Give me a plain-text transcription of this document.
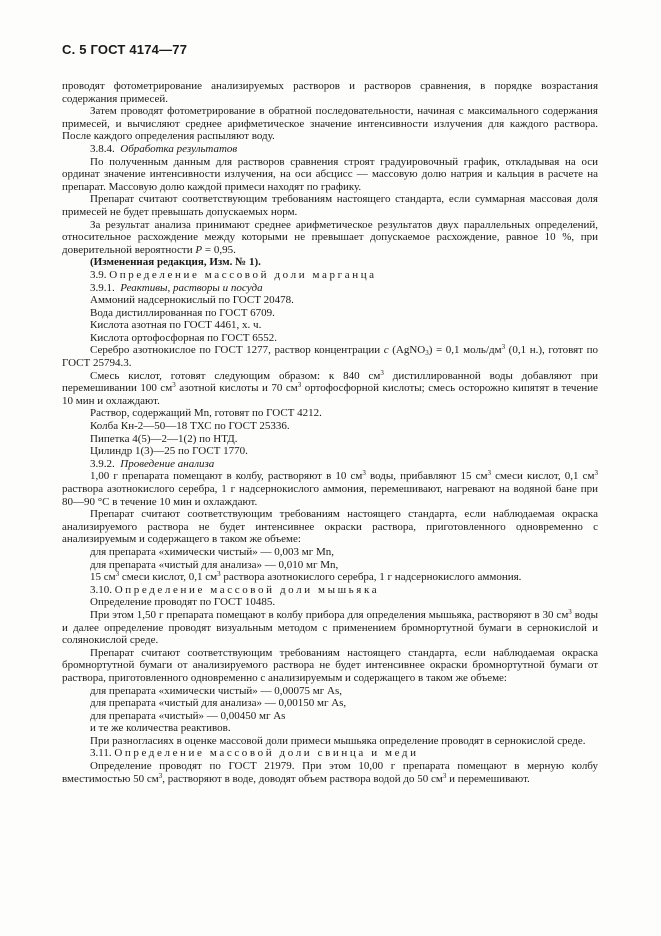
С. 5 ГОСТ 4174—77

проводят фотометрирование анализируемых растворов и растворов сравнения, в порядке возрастания содержания примесей.

Затем проводят фотометрирование в обратной последовательности, начиная с максимального содержания примесей, и вычисляют среднее арифметическое значение интенсивности излучения для каждого раствора. После каждого определения распыляют воду.

3.8.4. Обработка результатов

По полученным данным для растворов сравнения строят градуировочный график, откладывая на оси ординат значение интенсивности излучения, на оси абсцисс — массовую долю натрия и кальция в расчете на препарат. Массовую долю каждой примеси находят по графику.

Препарат считают соответствующим требованиям настоящего стандарта, если суммарная массовая доля примесей не будет превышать допускаемых норм.

За результат анализа принимают среднее арифметическое результатов двух параллельных определений, относительное расхождение между которыми не превышает допускаемое расхождение, равное 10 %, при доверительной вероятности P = 0,95.

(Измененная редакция, Изм. № 1).

3.9. Определение массовой доли марганца

3.9.1. Реактивы, растворы и посуда

Аммоний надсернокислый по ГОСТ 20478.

Вода дистиллированная по ГОСТ 6709.

Кислота азотная по ГОСТ 4461, х. ч.

Кислота ортофосфорная по ГОСТ 6552.

Серебро азотнокислое по ГОСТ 1277, раствор концентрации c (AgNO$_3$) = 0,1 моль/$дм^3$ (0,1 н.), готовят по ГОСТ 25794.3.

Смесь кислот, готовят следующим образом: к 840 $см^3$ дистиллированной воды добавляют при перемешивании 100 $см^3$ азотной кислоты и 70 $см^3$ ортофосфорной кислоты; смесь осторожно кипятят в течение 10 мин и охлаждают.

Раствор, содержащий Mn, готовят по ГОСТ 4212.

Колба Кн-2—50—18 ТХС по ГОСТ 25336.

Пипетка 4(5)—2—1(2) по НТД.

Цилиндр 1(3)—25 по ГОСТ 1770.

3.9.2. Проведение анализа

1,00 г препарата помещают в колбу, растворяют в 10 $см^3$ воды, прибавляют 15 $см^3$ смеси кислот, 0,1 $см^3$ раствора азотнокислого серебра, 1 г надсернокислого аммония, перемешивают, нагревают на водяной бане при 80—90 °С в течение 10 мин и охлаждают.

Препарат считают соответствующим требованиям настоящего стандарта, если наблюдаемая окраска анализируемого раствора не будет интенсивнее окраски раствора, приготовленного одновременно с анализируемым и содержащего в таком же объеме:

для препарата «химически чистый» — 0,003 мг Mn,

для препарата «чистый для анализа» — 0,010 мг Mn,

15 $см^3$ смеси кислот, 0,1 $см^3$ раствора азотнокислого серебра, 1 г надсернокислого аммония.

3.10. Определение массовой доли мышьяка

Определение проводят по ГОСТ 10485.

При этом 1,50 г препарата помещают в колбу прибора для определения мышьяка, растворяют в 30 $см^3$ воды и далее определение проводят визуальным методом с применением бромнортутной бумаги в сернокислой и солянокислой среде.

Препарат считают соответствующим требованиям настоящего стандарта, если наблюдаемая окраска бромнортутной бумаги от анализируемого раствора не будет интенсивнее окраски бромнортутной бумаги от раствора, приготовленного одновременно с анализируемым и содержащего в таком же объеме:

для препарата «химически чистый» — 0,00075 мг As,

для препарата «чистый для анализа» — 0,00150 мг As,

для препарата «чистый» — 0,00450 мг As

и те же количества реактивов.

При разногласиях в оценке массовой доли примеси мышьяка определение проводят в сернокислой среде.

3.11. Определение массовой доли свинца и меди

Определение проводят по ГОСТ 21979. При этом 10,00 г препарата помещают в мерную колбу вместимостью 50 $см^3$, растворяют в воде, доводят объем раствора водой до 50 $см^3$ и перемешивают.
